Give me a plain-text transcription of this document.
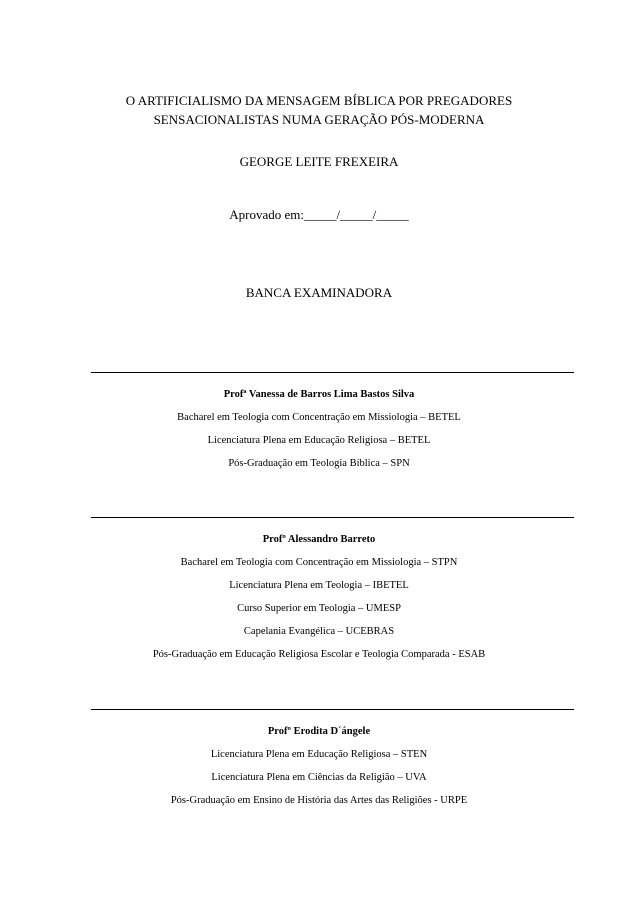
O ARTIFICIALISMO DA MENSAGEM BÍBLICA POR PREGADORES
SENSACIONALISTAS NUMA GERAÇÃO PÓS-MODERNA
GEORGE LEITE FREXEIRA
Aprovado em:_____/_____/_____
BANCA EXAMINADORA
Profª Vanessa de Barros Lima Bastos Silva
Bacharel em Teologia com Concentração em Missiologia – BETEL
Licenciatura Plena em Educação Religiosa – BETEL
Pós-Graduação em Teologia Bíblica – SPN
Profº Alessandro Barreto
Bacharel em Teologia com Concentração em Missiologia – STPN
Licenciatura Plena em Teologia – IBETEL
Curso Superior em Teologia – UMESP
Capelania Evangélica – UCEBRAS
Pós-Graduação em Educação Religiosa Escolar e Teologia Comparada - ESAB
Profº Erodita D´ángele
Licenciatura Plena em Educação Religiosa – STEN
Licenciatura Plena em Ciências da Religião – UVA
Pós-Graduação em Ensino de História das Artes das Religiões - URPE
